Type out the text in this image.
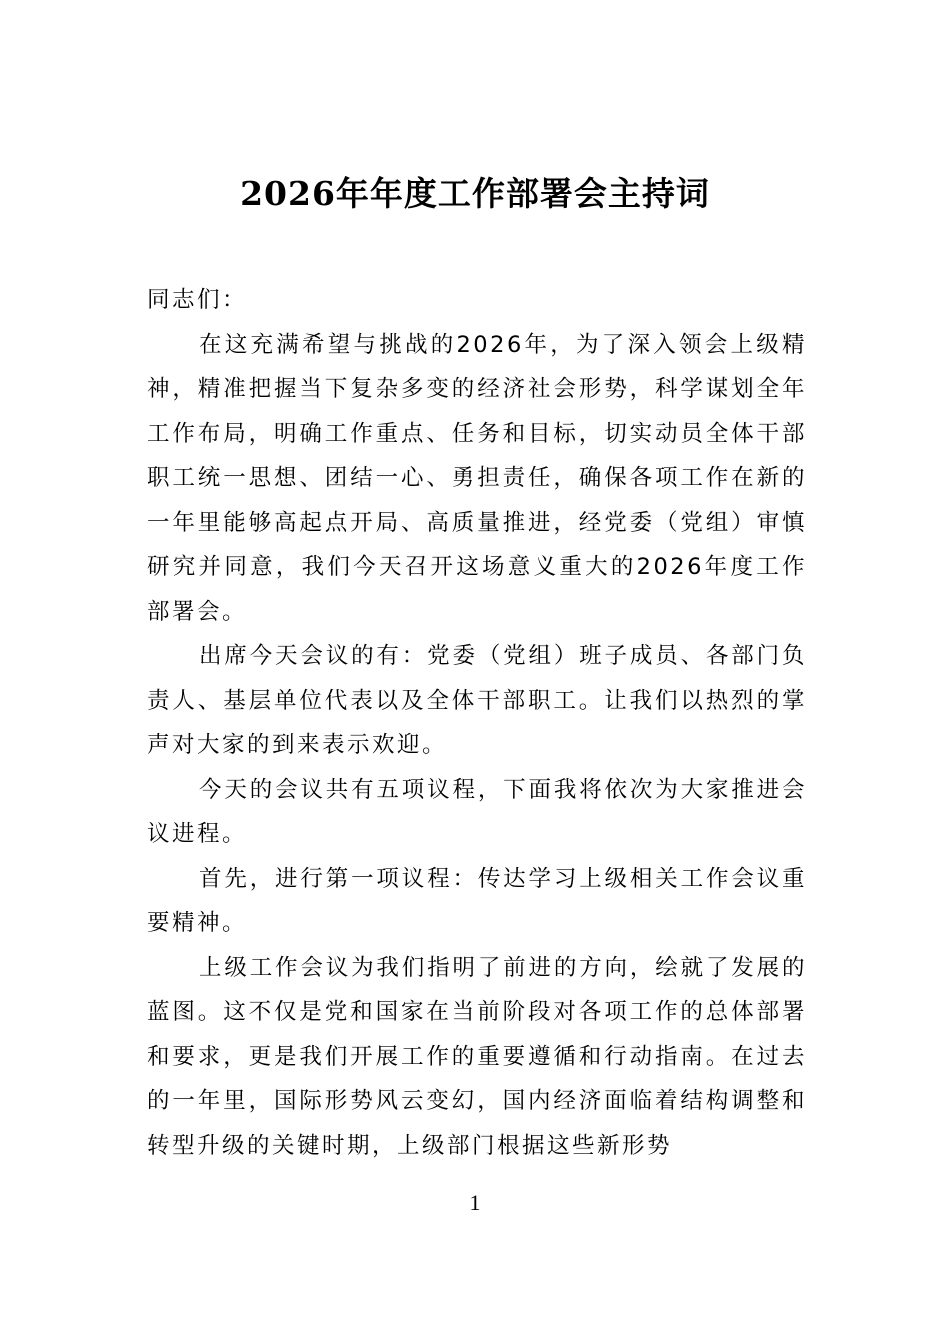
2026年年度工作部署会主持词

同志们：

在这充满希望与挑战的2026年，为了深入领会上级精神，精准把握当下复杂多变的经济社会形势，科学谋划全年工作布局，明确工作重点、任务和目标，切实动员全体干部职工统一思想、团结一心、勇担责任，确保各项工作在新的一年里能够高起点开局、高质量推进，经党委（党组）审慎研究并同意，我们今天召开这场意义重大的2026年度工作部署会。

出席今天会议的有：党委（党组）班子成员、各部门负责人、基层单位代表以及全体干部职工。让我们以热烈的掌声对大家的到来表示欢迎。

今天的会议共有五项议程，下面我将依次为大家推进会议进程。

首先，进行第一项议程：传达学习上级相关工作会议重要精神。

上级工作会议为我们指明了前进的方向，绘就了发展的蓝图。这不仅是党和国家在当前阶段对各项工作的总体部署和要求，更是我们开展工作的重要遵循和行动指南。在过去的一年里，国际形势风云变幻，国内经济面临着结构调整和转型升级的关键时期，上级部门根据这些新形势

1
